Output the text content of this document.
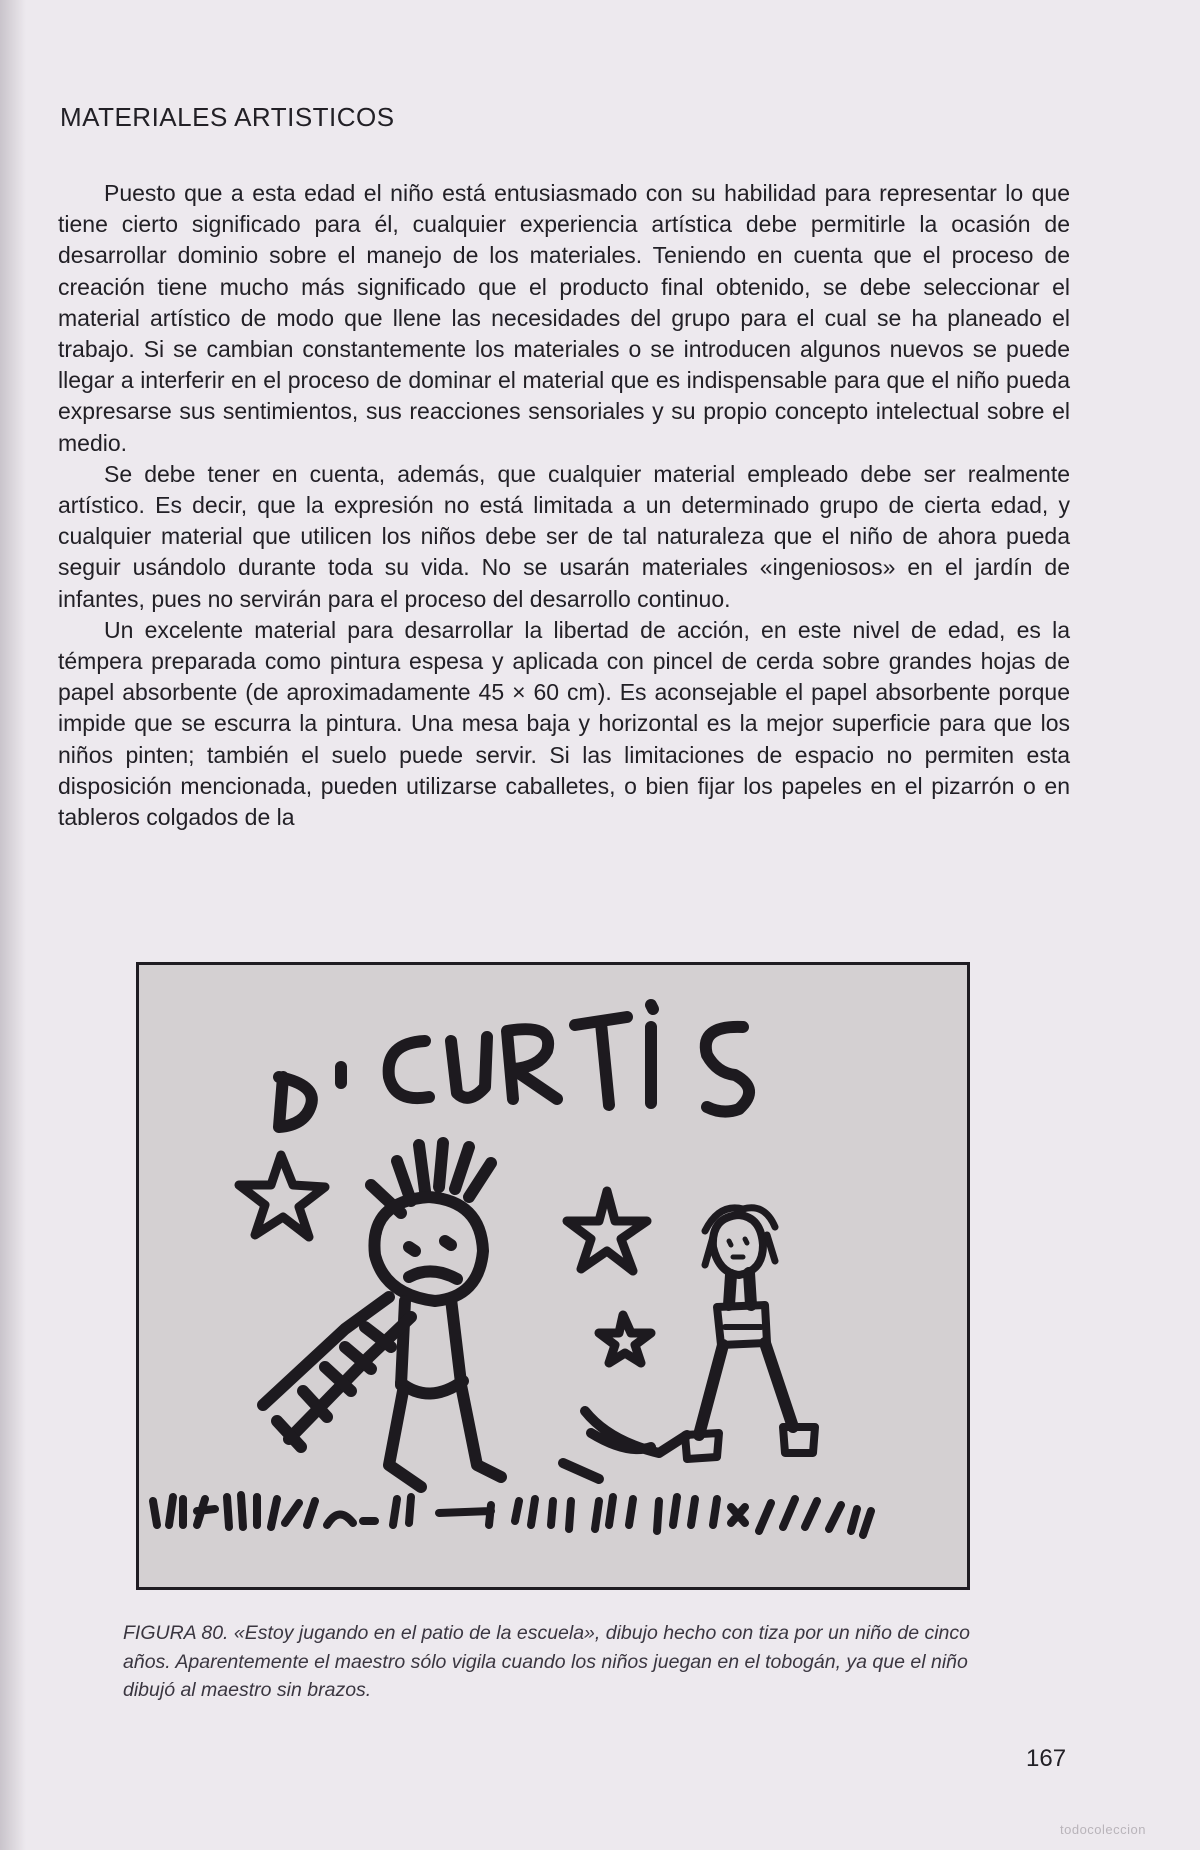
MATERIALES ARTISTICOS

Puesto que a esta edad el niño está entusiasmado con su habilidad para representar lo que tiene cierto significado para él, cualquier experiencia artística debe permitirle la ocasión de desarrollar dominio sobre el manejo de los materiales. Teniendo en cuenta que el proceso de creación tiene mucho más significado que el producto final obtenido, se debe seleccionar el material artístico de modo que llene las necesidades del grupo para el cual se ha planeado el trabajo. Si se cambian constantemente los materiales o se introducen algunos nuevos se puede llegar a interferir en el proceso de dominar el material que es indispensable para que el niño pueda expresarse sus sentimientos, sus reacciones sensoriales y su propio concepto intelectual sobre el medio.

Se debe tener en cuenta, además, que cualquier material empleado debe ser realmente artístico. Es decir, que la expresión no está limitada a un determinado grupo de cierta edad, y cualquier material que utilicen los niños debe ser de tal naturaleza que el niño de ahora pueda seguir usándolo durante toda su vida. No se usarán materiales «ingeniosos» en el jardín de infantes, pues no servirán para el proceso del desarrollo continuo.

Un excelente material para desarrollar la libertad de acción, en este nivel de edad, es la témpera preparada como pintura espesa y aplicada con pincel de cerda sobre grandes hojas de papel absorbente (de aproximadamente 45 × 60 cm). Es aconsejable el papel absorbente porque impide que se escurra la pintura. Una mesa baja y horizontal es la mejor superficie para que los niños pinten; también el suelo puede servir. Si las limitaciones de espacio no permiten esta disposición mencionada, pueden utilizarse caballetes, o bien fijar los papeles en el pizarrón o en tableros colgados de la

FIGURA 80. «Estoy jugando en el patio de la escuela», dibujo hecho con tiza por un niño de cinco años. Aparentemente el maestro sólo vigila cuando los niños juegan en el tobogán, ya que el niño dibujó al maestro sin brazos.
167
todocoleccion
